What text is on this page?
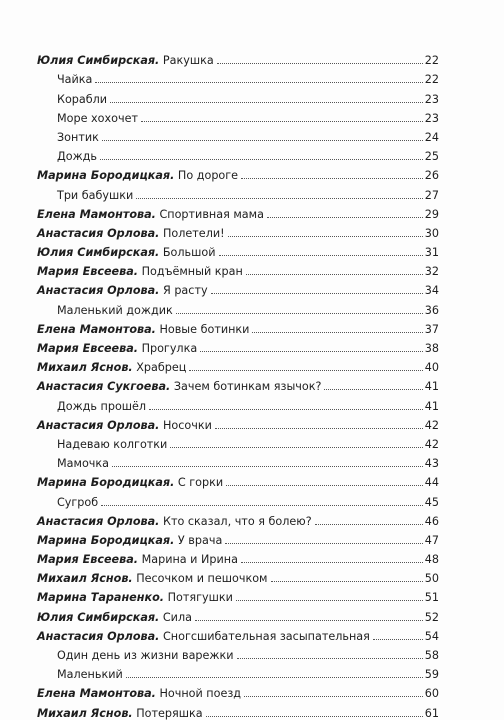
Юлия Симбирская. Ракушка	22
Чайка	22
Корабли	23
Море хохочет	23
Зонтик	24
Дождь	25
Марина Бородицкая. По дороге	26
Три бабушки	27
Елена Мамонтова. Спортивная мама	29
Анастасия Орлова. Полетели!	30
Юлия Симбирская. Большой	31
Мария Евсеева. Подъёмный кран	32
Анастасия Орлова. Я расту	34
Маленький дождик	36
Елена Мамонтова. Новые ботинки	37
Мария Евсеева. Прогулка	38
Михаил Яснов. Храбрец	40
Анастасия Сукгоева. Зачем ботинкам язычок?	41
Дождь прошёл	41
Анастасия Орлова. Носочки	42
Надеваю колготки	42
Мамочка	43
Марина Бородицкая. С горки	44
Сугроб	45
Анастасия Орлова. Кто сказал, что я болею?	46
Марина Бородицкая. У врача	47
Мария Евсеева. Марина и Ирина	48
Михаил Яснов. Песочком и пешочком	50
Марина Тараненко. Потягушки	51
Юлия Симбирская. Сила	52
Анастасия Орлова. Сногсшибательная засыпательная	54
Один день из жизни варежки	58
Маленький	59
Елена Мамонтова. Ночной поезд	60
Михаил Яснов. Потеряшка	61
